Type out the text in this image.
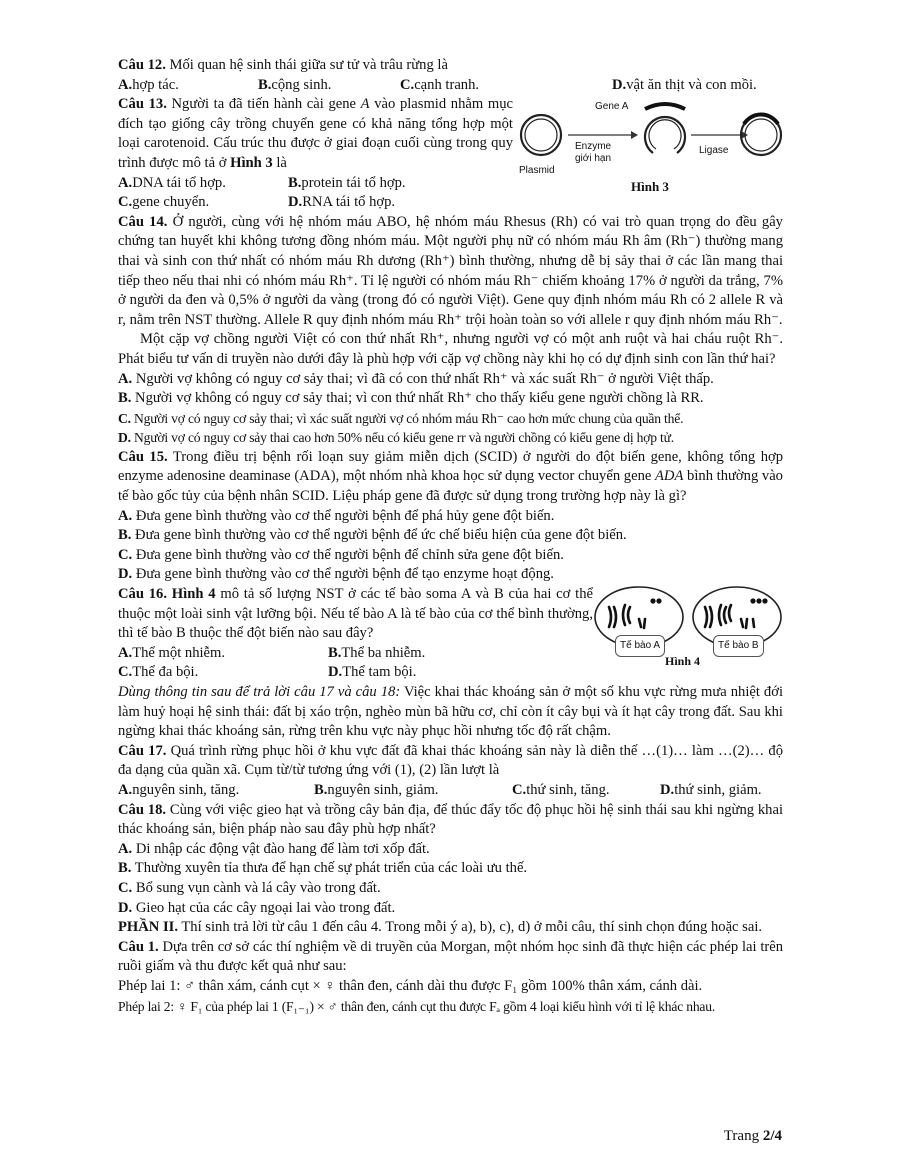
Câu 12. Mối quan hệ sinh thái giữa sư tử và trâu rừng là

A.hợp tác.	B.cộng sinh.	C.cạnh tranh.	D.vật ăn thịt và con mồi.

Câu 13. Người ta đã tiến hành cài gene A vào plasmid nhằm mục đích tạo giống cây trồng chuyển gene có khả năng tổng hợp một loại carotenoid. Cấu trúc thu được ở giai đoạn cuối cùng trong quy trình được mô tả ở Hình 3 là

A.DNA tái tổ hợp.	B.protein tái tổ hợp.
C.gene chuyển.	D.RNA tái tổ hợp.
Gene A
Plasmid
Enzyme
giới hạn
Ligase
Hình 3

Câu 14. Ở người, cùng với hệ nhóm máu ABO, hệ nhóm máu Rhesus (Rh) có vai trò quan trọng do đều gây chứng tan huyết khi không tương đồng nhóm máu. Một người phụ nữ có nhóm máu Rh âm (Rh⁻) thường mang thai và sinh con thứ nhất có nhóm máu Rh dương (Rh⁺) bình thường, nhưng dễ bị sảy thai ở các lần mang thai tiếp theo nếu thai nhi có nhóm máu Rh⁺. Tỉ lệ người có nhóm máu Rh⁻ chiếm khoảng 17% ở người da trắng, 7% ở người da đen và 0,5% ở người da vàng (trong đó có người Việt). Gene quy định nhóm máu Rh có 2 allele R và r, nằm trên NST thường. Allele R quy định nhóm máu Rh⁺ trội hoàn toàn so với allele r quy định nhóm máu Rh⁻.

Một cặp vợ chồng người Việt có con thứ nhất Rh⁺, nhưng người vợ có một anh ruột và hai cháu ruột Rh⁻. Phát biểu tư vấn di truyền nào dưới đây là phù hợp với cặp vợ chồng này khi họ có dự định sinh con lần thứ hai?

A. Người vợ không có nguy cơ sảy thai; vì đã có con thứ nhất Rh⁺ và xác suất Rh⁻ ở người Việt thấp.

B. Người vợ không có nguy cơ sảy thai; vì con thứ nhất Rh⁺ cho thấy kiểu gene người chồng là RR.

C. Người vợ có nguy cơ sảy thai; vì xác suất người vợ có nhóm máu Rh⁻ cao hơn mức chung của quần thể.

D. Người vợ có nguy cơ sảy thai cao hơn 50% nếu có kiểu gene rr và người chồng có kiểu gene dị hợp tử.

Câu 15. Trong điều trị bệnh rối loạn suy giảm miễn dịch (SCID) ở người do đột biến gene, không tổng hợp enzyme adenosine deaminase (ADA), một nhóm nhà khoa học sử dụng vector chuyển gene ADA bình thường vào tế bào gốc tủy của bệnh nhân SCID. Liệu pháp gene đã được sử dụng trong trường hợp này là gì?

A. Đưa gene bình thường vào cơ thể người bệnh để phá hủy gene đột biến.

B. Đưa gene bình thường vào cơ thể người bệnh để ức chế biểu hiện của gene đột biến.

C. Đưa gene bình thường vào cơ thể người bệnh để chỉnh sửa gene đột biến.

D. Đưa gene bình thường vào cơ thể người bệnh để tạo enzyme hoạt động.

Câu 16. Hình 4 mô tả số lượng NST ở các tế bào soma A và B của hai cơ thể thuộc một loài sinh vật lưỡng bội. Nếu tế bào A là tế bào của cơ thể bình thường, thì tế bào B thuộc thể đột biến nào sau đây?

A.Thể một nhiễm.	B.Thể ba nhiễm.
C.Thể đa bội.	D.Thể tam bội.
Tế bào A	Tế bào B
Hình 4

Dùng thông tin sau để trả lời câu 17 và câu 18: Việc khai thác khoáng sản ở một số khu vực rừng mưa nhiệt đới làm huỷ hoại hệ sinh thái: đất bị xáo trộn, nghèo mùn bã hữu cơ, chỉ còn ít cây bụi và ít hạt cây trong đất. Sau khi ngừng khai thác khoáng sản, rừng trên khu vực này phục hồi nhưng tốc độ rất chậm.

Câu 17. Quá trình rừng phục hồi ở khu vực đất đã khai thác khoáng sản này là diễn thế …(1)… làm …(2)… độ đa dạng của quần xã. Cụm từ/từ tương ứng với (1), (2) lần lượt là

A.nguyên sinh, tăng.	B.nguyên sinh, giảm.	C.thứ sinh, tăng.	D.thứ sinh, giảm.

Câu 18. Cùng với việc gieo hạt và trồng cây bản địa, để thúc đẩy tốc độ phục hồi hệ sinh thái sau khi ngừng khai thác khoáng sản, biện pháp nào sau đây phù hợp nhất?

A. Di nhập các động vật đào hang để làm tơi xốp đất.

B. Thường xuyên tỉa thưa để hạn chế sự phát triển của các loài ưu thế.

C. Bổ sung vụn cành và lá cây vào trong đất.

D. Gieo hạt của các cây ngoại lai vào trong đất.

PHẦN II. Thí sinh trả lời từ câu 1 đến câu 4. Trong mỗi ý a), b), c), d) ở mỗi câu, thí sinh chọn đúng hoặc sai.

Câu 1. Dựa trên cơ sở các thí nghiệm về di truyền của Morgan, một nhóm học sinh đã thực hiện các phép lai trên ruồi giấm và thu được kết quả như sau:

Phép lai 1: ♂ thân xám, cánh cụt × ♀ thân đen, cánh dài thu được F₁ gồm 100% thân xám, cánh dài.

Phép lai 2: ♀ F₁ của phép lai 1 (F₁₋₁) × ♂ thân đen, cánh cụt thu được Fₐ gồm 4 loại kiểu hình với tỉ lệ khác nhau.

Trang 2/4
